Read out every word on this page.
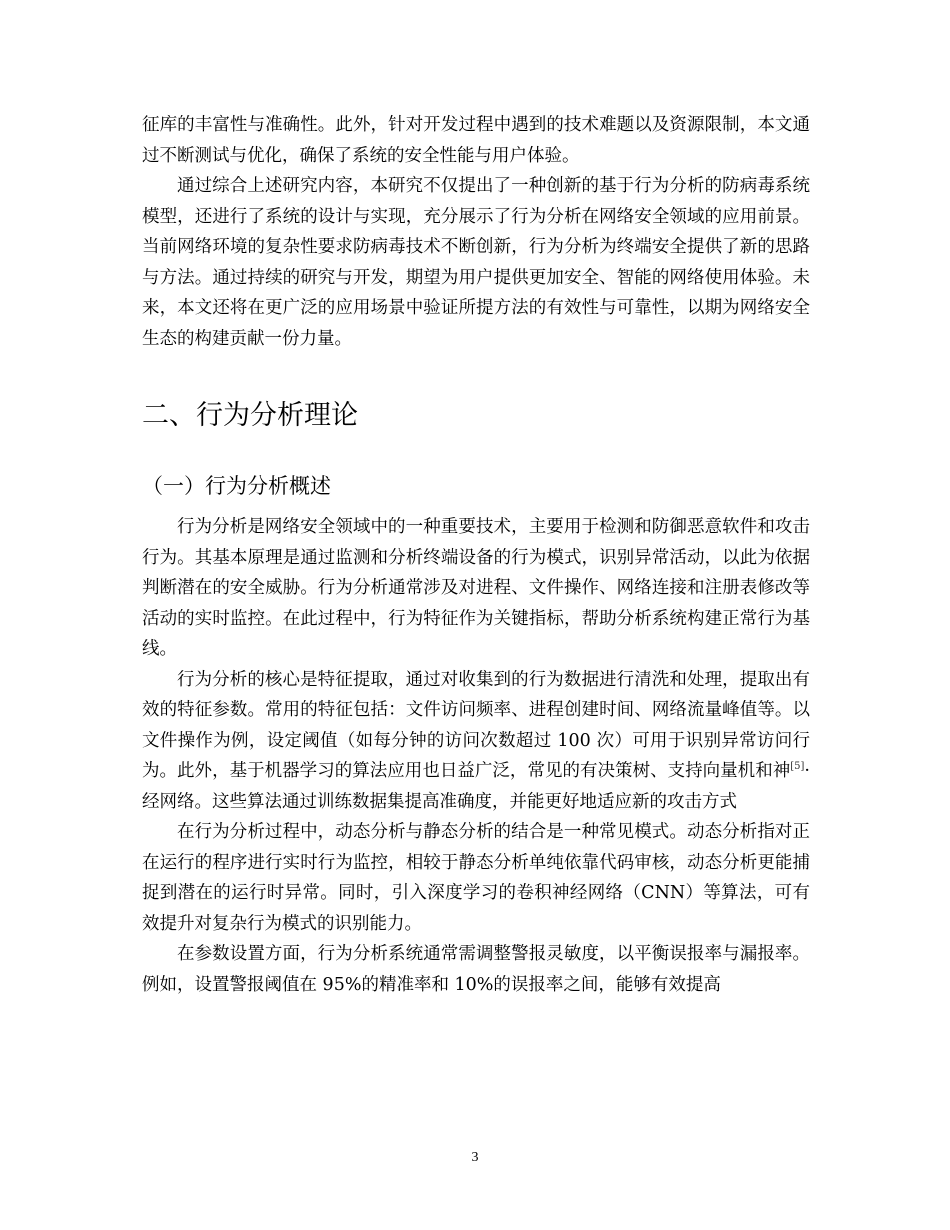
征库的丰富性与准确性。此外，针对开发过程中遇到的技术难题以及资源限制，本文通过不断测试与优化，确保了系统的安全性能与用户体验。

通过综合上述研究内容，本研究不仅提出了一种创新的基于行为分析的防病毒系统模型，还进行了系统的设计与实现，充分展示了行为分析在网络安全领域的应用前景。当前网络环境的复杂性要求防病毒技术不断创新，行为分析为终端安全提供了新的思路与方法。通过持续的研究与开发，期望为用户提供更加安全、智能的网络使用体验。未来，本文还将在更广泛的应用场景中验证所提方法的有效性与可靠性，以期为网络安全生态的构建贡献一份力量。

二、行为分析理论
（一）行为分析概述

行为分析是网络安全领域中的一种重要技术，主要用于检测和防御恶意软件和攻击行为。其基本原理是通过监测和分析终端设备的行为模式，识别异常活动，以此为依据判断潜在的安全威胁。行为分析通常涉及对进程、文件操作、网络连接和注册表修改等活动的实时监控。在此过程中，行为特征作为关键指标，帮助分析系统构建正常行为基线。

行为分析的核心是特征提取，通过对收集到的行为数据进行清洗和处理，提取出有效的特征参数。常用的特征包括：文件访问频率、进程创建时间、网络流量峰值等。以文件操作为例，设定阈值（如每分钟的访问次数超过 100 次）可用于识别异常访问行为。此外，基于机器学习的算法应用也日益广泛，常见的有决策树、支持向量机和神[5]· 经网络。这些算法通过训练数据集提高准确度，并能更好地适应新的攻击方式

在行为分析过程中，动态分析与静态分析的结合是一种常见模式。动态分析指对正在运行的程序进行实时行为监控，相较于静态分析单纯依靠代码审核，动态分析更能捕捉到潜在的运行时异常。同时，引入深度学习的卷积神经网络（CNN）等算法，可有效提升对复杂行为模式的识别能力。

在参数设置方面，行为分析系统通常需调整警报灵敏度，以平衡误报率与漏报率。例如，设置警报阈值在 95%的精准率和 10%的误报率之间，能够有效提高

3
